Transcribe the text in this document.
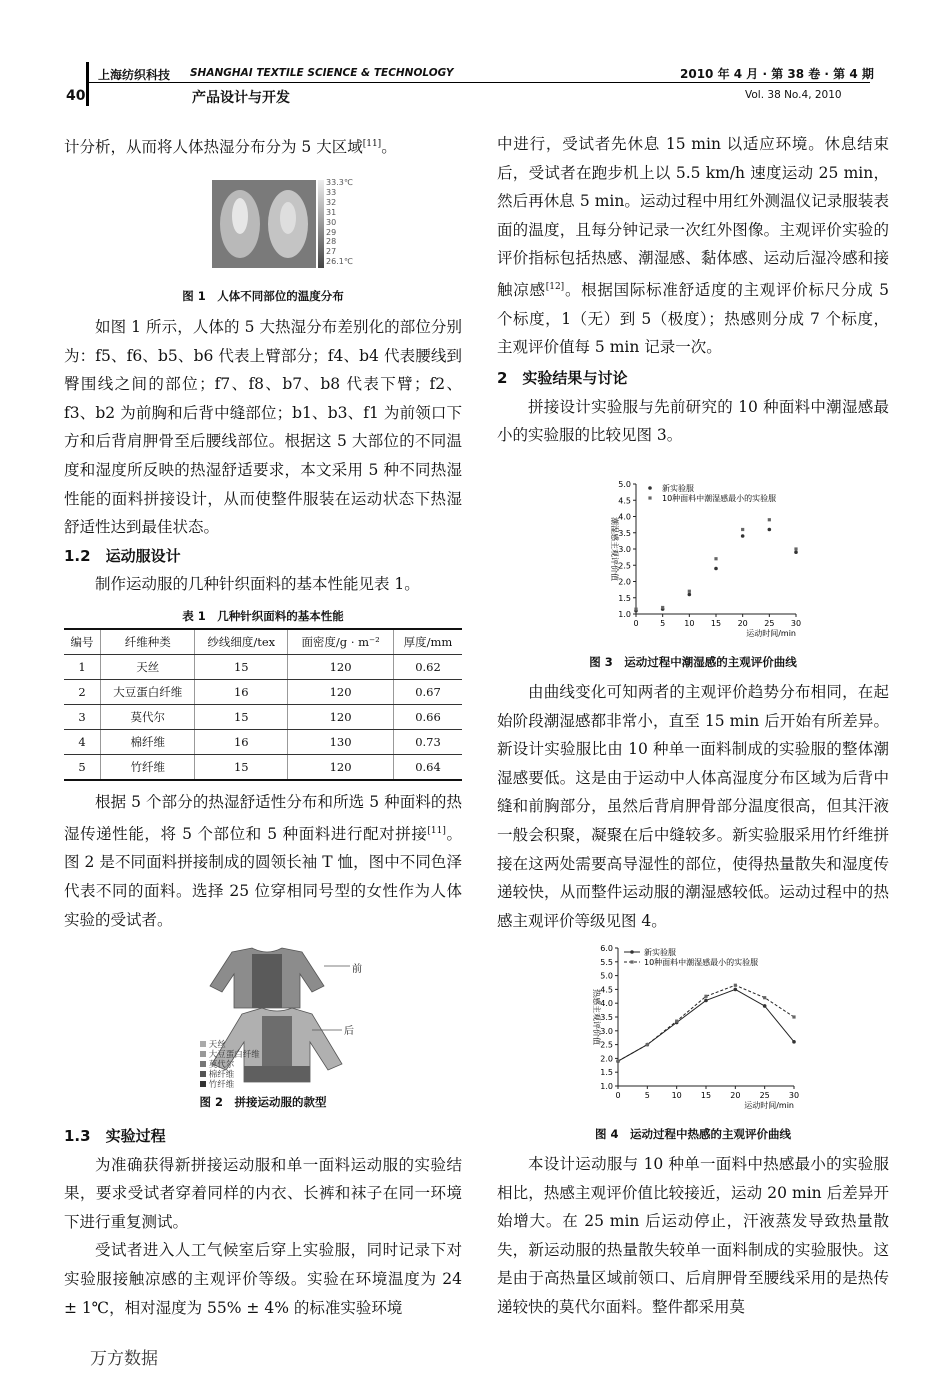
上海纺织科技 SHANGHAI TEXTILE SCIENCE & TECHNOLOGY	2010 年 4 月 · 第 38 卷 · 第 4 期
40	产品设计与开发	Vol. 38 No.4, 2010

计分析，从而将人体热湿分布分为 5 大区域[11]。

33.3℃
33
32
31
30
29
28
27
26.1℃
图 1　人体不同部位的温度分布

如图 1 所示，人体的 5 大热湿分布差别化的部位分别为：f5、f6、b5、b6 代表上臂部分；f4、b4 代表腰线到臀围线之间的部位；f7、f8、b7、b8 代表下臂；f2、f3、b2 为前胸和后背中缝部位；b1、b3、f1 为前领口下方和后背肩胛骨至后腰线部位。根据这 5 大部位的不同温度和湿度所反映的热湿舒适要求，本文采用 5 种不同热湿性能的面料拼接设计，从而使整件服装在运动状态下热湿舒适性达到最佳状态。

1.2　运动服设计

制作运动服的几种针织面料的基本性能见表 1。

表 1　几种针织面料的基本性能
编号	纤维种类	纱线细度/tex	面密度/g · m⁻²	厚度/mm
1	天丝	15	120	0.62
2	大豆蛋白纤维	16	120	0.67
3	莫代尔	15	120	0.66
4	棉纤维	16	130	0.73
5	竹纤维	15	120	0.64

根据 5 个部分的热湿舒适性分布和所选 5 种面料的热湿传递性能，将 5 个部位和 5 种面料进行配对拼接[11]。图 2 是不同面料拼接制成的圆领长袖 T 恤，图中不同色泽代表不同的面料。选择 25 位穿相同号型的女性作为人体实验的受试者。

前
后
天丝
大豆蛋白纤维
莫代尔
棉纤维
竹纤维
图 2　拼接运动服的款型

1.3　实验过程

为准确获得新拼接运动服和单一面料运动服的实验结果，要求受试者穿着同样的内衣、长裤和袜子在同一环境下进行重复测试。

受试者进入人工气候室后穿上实验服，同时记录下对实验服接触凉感的主观评价等级。实验在环境温度为 24 ± 1℃，相对湿度为 55% ± 4% 的标准实验环境

中进行，受试者先休息 15 min 以适应环境。休息结束后，受试者在跑步机上以 5.5 km/h 速度运动 25 min，然后再休息 5 min。运动过程中用红外测温仪记录服装表面的温度，且每分钟记录一次红外图像。主观评价实验的评价指标包括热感、潮湿感、黏体感、运动后湿冷感和接触凉感[12]。根据国际标准舒适度的主观评价标尺分成 5 个标度，1（无）到 5（极度）；热感则分成 7 个标度，主观评价值每 5 min 记录一次。

2　实验结果与讨论

拼接设计实验服与先前研究的 10 种面料中潮湿感最小的实验服的比较见图 3。

1.0
1.5
2.0
2.5
3.0
3.5
4.0
4.5
5.0
0	5 10 15 20 25 30
运动时间/min
潮湿感主观评价值
新实验服
10种面料中潮湿感最小的实验服
图 3　运动过程中潮湿感的主观评价曲线

由曲线变化可知两者的主观评价趋势分布相同，在起始阶段潮湿感都非常小，直至 15 min 后开始有所差异。新设计实验服比由 10 种单一面料制成的实验服的整体潮湿感要低。这是由于运动中人体高湿度分布区域为后背中缝和前胸部分，虽然后背肩胛骨部分温度很高，但其汗液一般会积聚，凝聚在后中缝较多。新实验服采用竹纤维拼接在这两处需要高导湿性的部位，使得热量散失和湿度传递较快，从而整件运动服的潮湿感较低。运动过程中的热感主观评价等级见图 4。

1.0
1.5
2.0
2.5
3.0
3.5
4.0
4.5
5.0
5.5
6.0
0	5	10 15 20 25 30
运动时间/min
热感主观评价值
新实验服
10种面料中潮湿感最小的实验服
图 4　运动过程中热感的主观评价曲线

本设计运动服与 10 种单一面料中热感最小的实验服相比，热感主观评价值比较接近，运动 20 min 后差异开始增大。在 25 min 后运动停止，汗液蒸发导致热量散失，新运动服的热量散失较单一面料制成的实验服快。这是由于高热量区域前领口、后肩胛骨至腰线采用的是热传递较快的莫代尔面料。整件都采用莫

万方数据
